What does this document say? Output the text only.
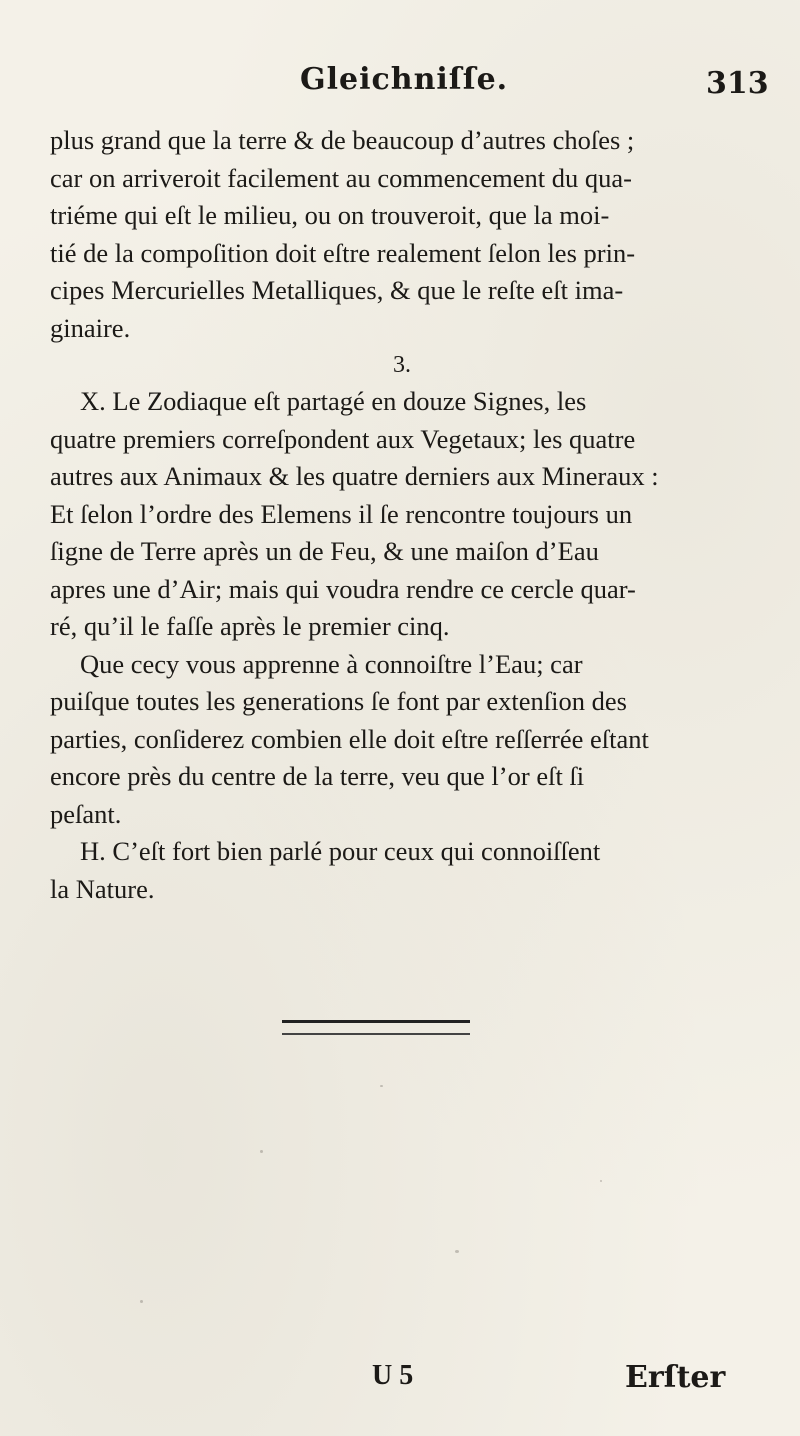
Gleichniſſe.	313
plus grand que la terre & de beaucoup d’autres choſes ;
car on arriveroit facilement au commencement du qua-
triéme qui eſt le milieu, ou on trouveroit, que la moi-
tié de la compoſition doit eſtre realement ſelon les prin-
cipes Mercurielles Metalliques, & que le reſte eſt ima-
ginaire.
3.
X. Le Zodiaque eſt partagé en douze Signes, les
quatre premiers correſpondent aux Vegetaux; les quatre
autres aux Animaux & les quatre derniers aux Mineraux :
Et ſelon l’ordre des Elemens il ſe rencontre toujours un
ſigne de Terre après un de Feu, & une maiſon d’Eau
apres une d’Air; mais qui voudra rendre ce cercle quar-
ré, qu’il le faſſe après le premier cinq.
Que cecy vous apprenne à connoiſtre l’Eau; car
puiſque toutes les generations ſe font par extenſion des
parties, conſiderez combien elle doit eſtre reſſerrée eſtant
encore près du centre de la terre, veu que l’or eſt ſi
peſant.
H. C’eſt fort bien parlé pour ceux qui connoiſſent
la Nature.
U 5	Erſter
